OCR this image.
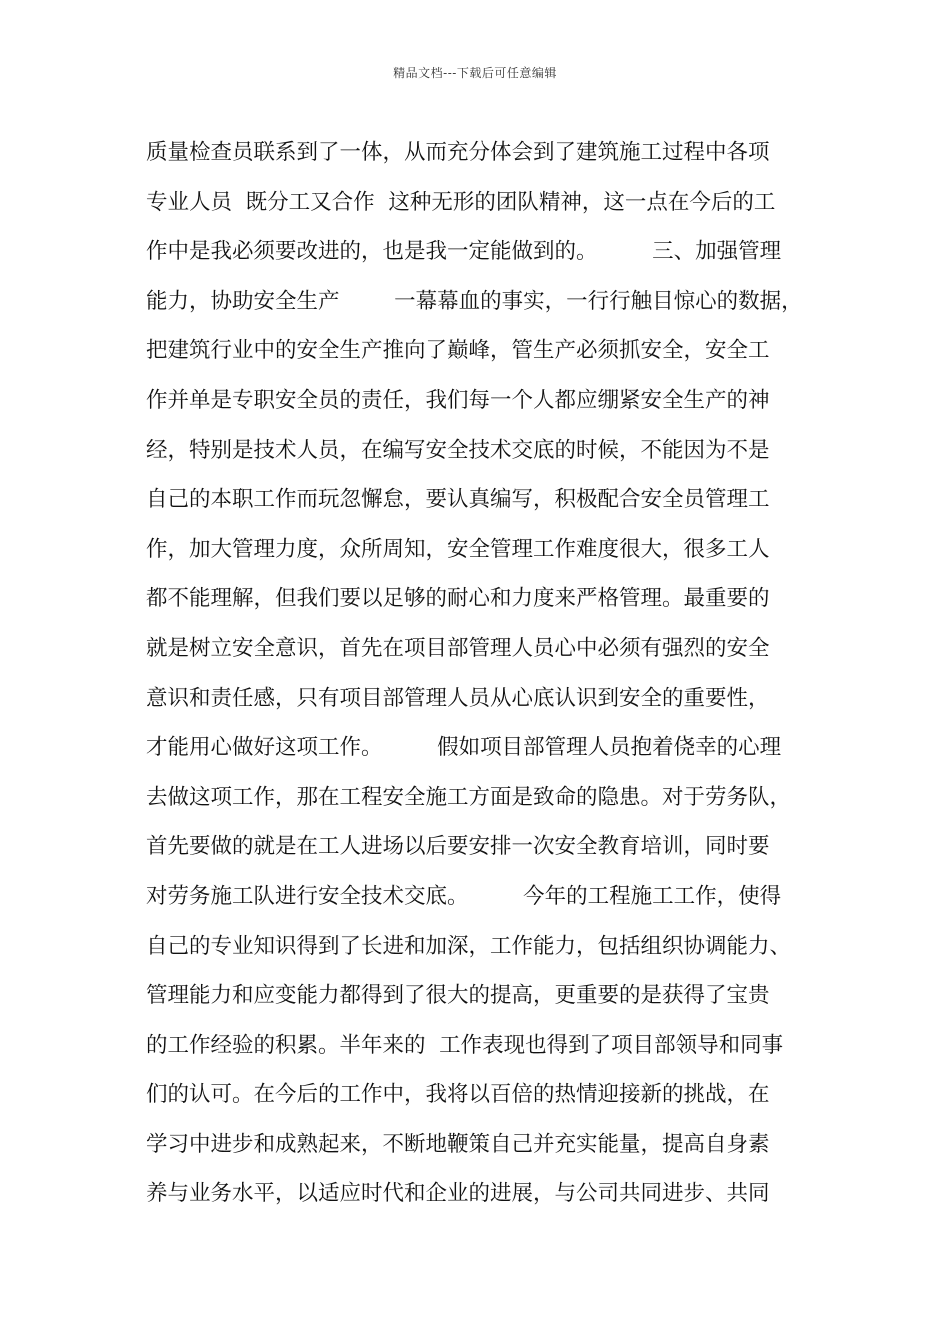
精品文档---下载后可任意编辑
质量检查员联系到了一体，从而充分体会到了建筑施工过程中各项
专业人员  既分工又合作  这种无形的团队精神，这一点在今后的工
作中是我必须要改进的，也是我一定能做到的。        三、加强管理
能力，协助安全生产        一幕幕血的事实，一行行触目惊心的数据，
把建筑行业中的安全生产推向了巅峰，管生产必须抓安全，安全工
作并单是专职安全员的责任，我们每一个人都应绷紧安全生产的神
经，特别是技术人员，在编写安全技术交底的时候，不能因为不是
自己的本职工作而玩忽懈怠，要认真编写，积极配合安全员管理工
作，加大管理力度，众所周知，安全管理工作难度很大，很多工人
都不能理解，但我们要以足够的耐心和力度来严格管理。最重要的
就是树立安全意识，首先在项目部管理人员心中必须有强烈的安全
意识和责任感，只有项目部管理人员从心底认识到安全的重要性，
才能用心做好这项工作。        假如项目部管理人员抱着侥幸的心理
去做这项工作，那在工程安全施工方面是致命的隐患。对于劳务队，
首先要做的就是在工人进场以后要安排一次安全教育培训，同时要
对劳务施工队进行安全技术交底。        今年的工程施工工作，使得
自己的专业知识得到了长进和加深，工作能力，包括组织协调能力、
管理能力和应变能力都得到了很大的提高，更重要的是获得了宝贵
的工作经验的积累。半年来的  工作表现也得到了项目部领导和同事
们的认可。在今后的工作中，我将以百倍的热情迎接新的挑战，在
学习中进步和成熟起来，不断地鞭策自己并充实能量，提高自身素
养与业务水平，以适应时代和企业的进展，与公司共同进步、共同
